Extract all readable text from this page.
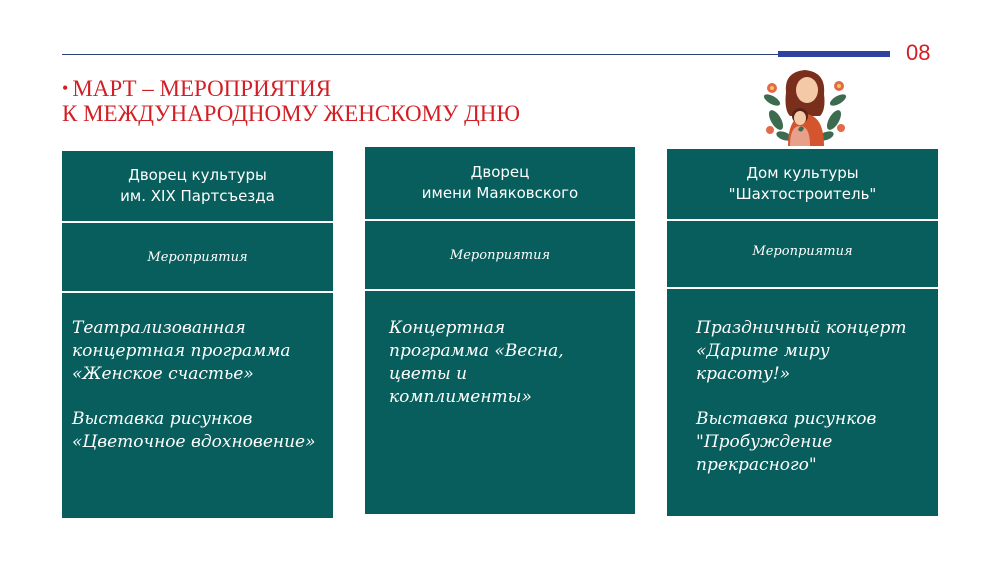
08
• МАРТ – МЕРОПРИЯТИЯ
К МЕЖДУНАРОДНОМУ ЖЕНСКОМУ ДНЮ
Дворец культуры
им. XIX Партсъезда
Мероприятия

Театрализованная
концертная программа
«Женское счастье»

Выставка рисунков
«Цветочное вдохновение»

Дворец
имени Маяковского
Мероприятия

Концертная
программа «Весна,
цветы и
комплименты»

Дом культуры
"Шахтостроитель"
Мероприятия

Праздничный концерт
«Дарите миру
красоту!»

Выставка рисунков
"Пробуждение
прекрасного"
